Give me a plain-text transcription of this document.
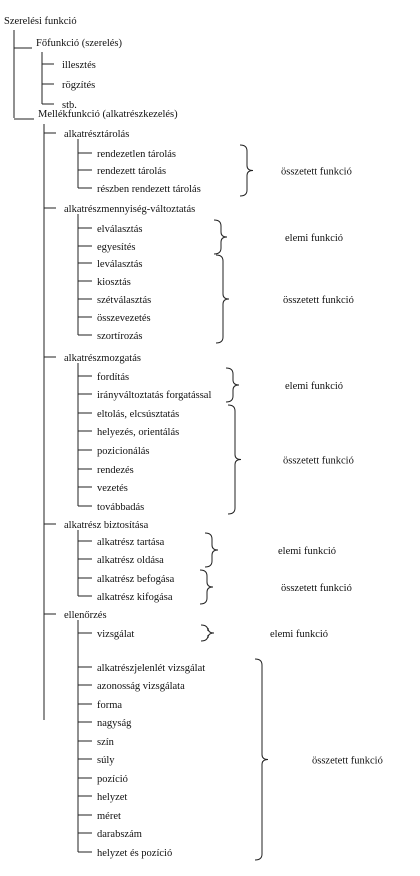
Szerelési funkció
Főfunkció (szerelés)
Mellékfunkció (alkatrészkezelés)
illesztés
rögzítés
stb.
alkatrésztárolás
rendezetlen tárolás
rendezett tárolás
részben rendezett tárolás
összetett funkció
alkatrészmennyiség-változtatás
elválasztás
egyesítés
leválasztás
kiosztás
szétválasztás
összevezetés
szortírozás
elemi funkció
összetett funkció
alkatrészmozgatás
fordítás
irányváltoztatás forgatással
eltolás, elcsúsztatás
helyezés, orientálás
pozicionálás
rendezés
vezetés
továbbadás
elemi funkció
összetett funkció
alkatrész biztosítása
alkatrész tartása
alkatrész oldása
alkatrész befogása
alkatrész kifogása
elemi funkció
összetett funkció
ellenőrzés
vizsgálat
alkatrészjelenlét vizsgálat
azonosság vizsgálata
forma
nagyság
szín
súly
pozíció
helyzet
méret
darabszám
helyzet és pozíció
elemi funkció
összetett funkció
